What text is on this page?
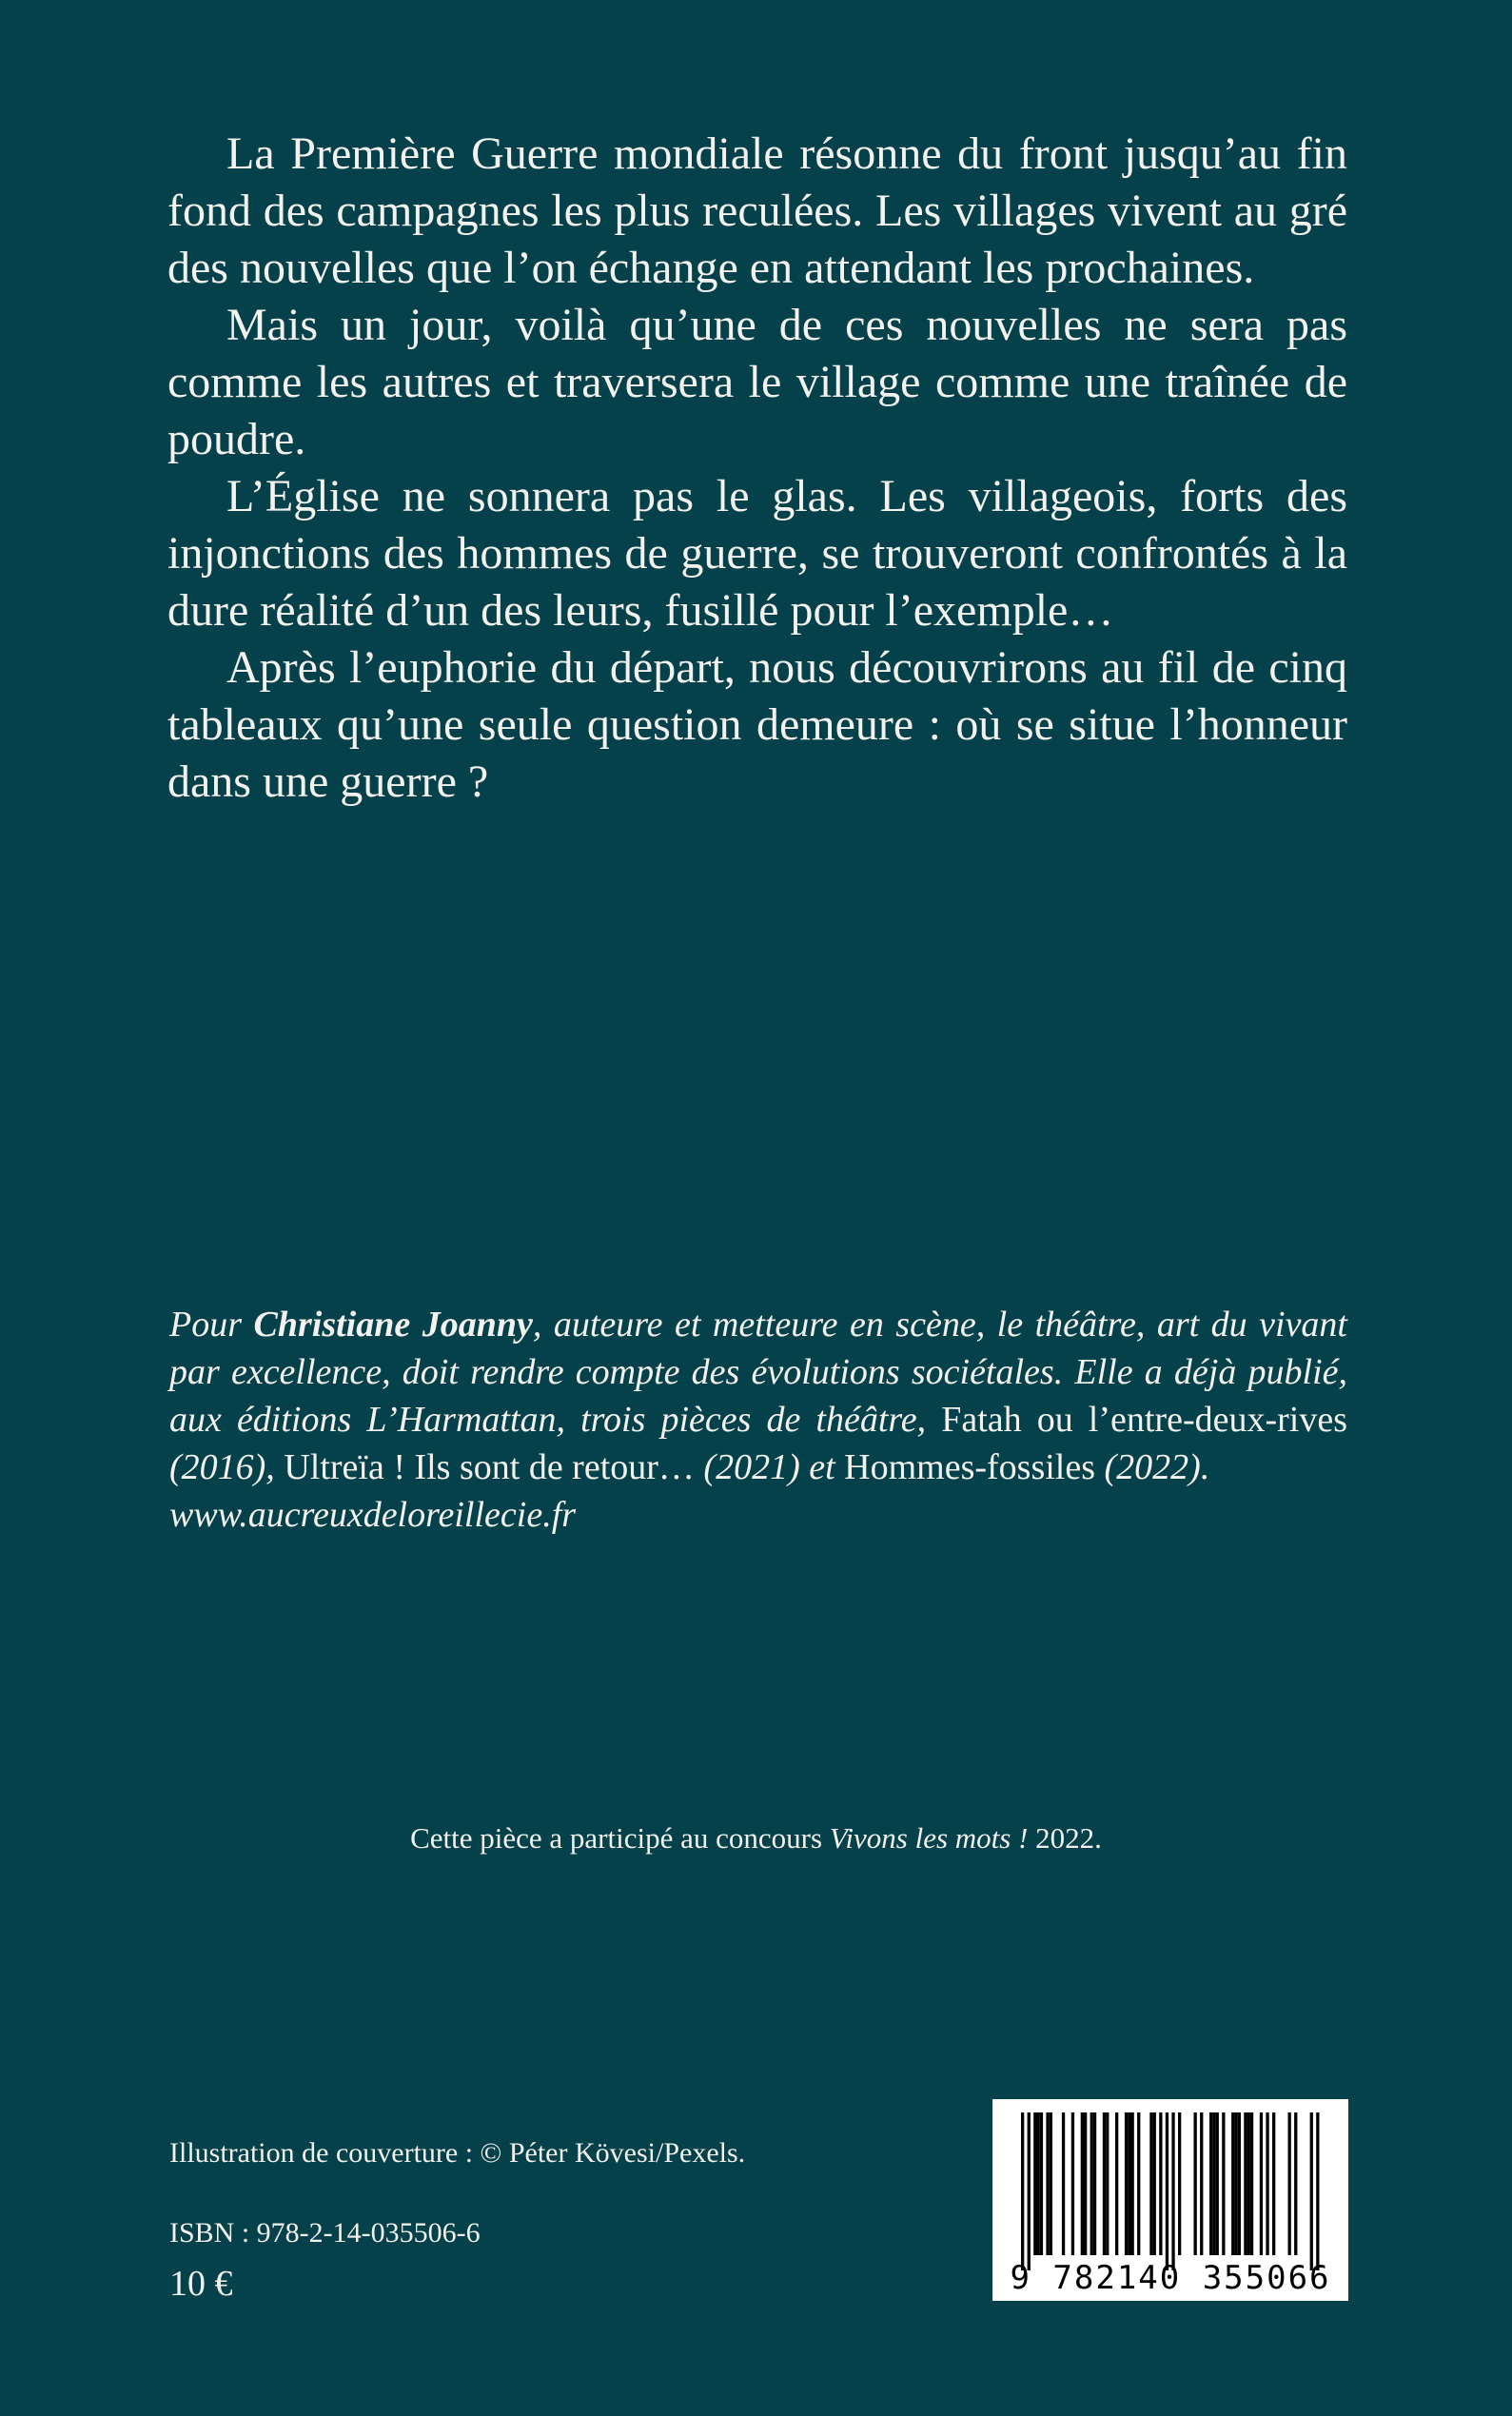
La Première Guerre mondiale résonne du front jusqu’au fin fond des campagnes les plus reculées. Les villages vivent au gré des nouvelles que l’on échange en attendant les prochaines.

Mais un jour, voilà qu’une de ces nouvelles ne sera pas comme les autres et traversera le village comme une traînée de poudre.

L’Église ne sonnera pas le glas. Les villageois, forts des injonctions des hommes de guerre, se trouveront confrontés à la dure réalité d’un des leurs, fusillé pour l’exemple…

Après l’euphorie du départ, nous découvrirons au fil de cinq tableaux qu’une seule question demeure : où se situe l’honneur dans une guerre ?

Pour Christiane Joanny, auteure et metteure en scène, le théâtre, art du vivant par excellence, doit rendre compte des évolutions sociétales. Elle a déjà publié, aux éditions L’Harmattan, trois pièces de théâtre, Fatah ou l’entre-deux-rives (2016), Ultreïa ! Ils sont de retour… (2021) et Hommes-fossiles (2022).
www.aucreuxdeloreillecie.fr

Cette pièce a participé au concours Vivons les mots ! 2022.
Illustration de couverture : © Péter Kövesi/Pexels.
ISBN : 978-2-14-035506-6
10 €	9 782140 355066
